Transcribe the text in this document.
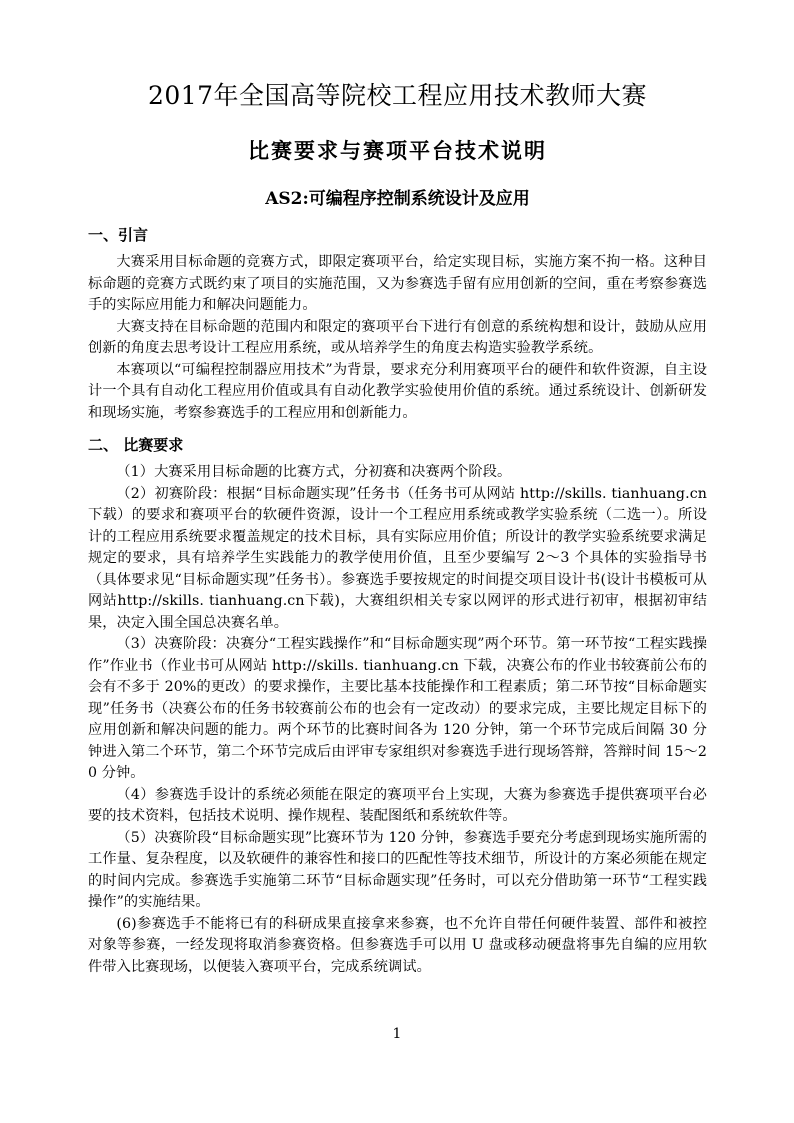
2017年全国高等院校工程应用技术教师大赛
比赛要求与赛项平台技术说明
AS2:可编程序控制系统设计及应用
一、引言

大赛采用目标命题的竞赛方式，即限定赛项平台，给定实现目标，实施方案不拘一格。这种目标命题的竞赛方式既约束了项目的实施范围，又为参赛选手留有应用创新的空间，重在考察参赛选手的实际应用能力和解决问题能力。

大赛支持在目标命题的范围内和限定的赛项平台下进行有创意的系统构想和设计，鼓励从应用创新的角度去思考设计工程应用系统，或从培养学生的角度去构造实验教学系统。

本赛项以“可编程控制器应用技术”为背景，要求充分利用赛项平台的硬件和软件资源，自主设计一个具有自动化工程应用价值或具有自动化教学实验使用价值的系统。通过系统设计、创新研发和现场实施，考察参赛选手的工程应用和创新能力。

二、 比赛要求

（1）大赛采用目标命题的比赛方式，分初赛和决赛两个阶段。

（2）初赛阶段：根据“目标命题实现”任务书（任务书可从网站 http://skills. tianhuang.cn 下载）的要求和赛项平台的软硬件资源，设计一个工程应用系统或教学实验系统（二选一）。所设计的工程应用系统要求覆盖规定的技术目标，具有实际应用价值；所设计的教学实验系统要求满足规定的要求，具有培养学生实践能力的教学使用价值，且至少要编写 2～3 个具体的实验指导书（具体要求见“目标命题实现”任务书）。参赛选手要按规定的时间提交项目设计书(设计书模板可从网站http://skills. tianhuang.cn下载)，大赛组织相关专家以网评的形式进行初审，根据初审结果，决定入围全国总决赛名单。

（3）决赛阶段：决赛分“工程实践操作”和“目标命题实现”两个环节。第一环节按“工程实践操作”作业书（作业书可从网站 http://skills. tianhuang.cn 下载，决赛公布的作业书较赛前公布的会有不多于 20%的更改）的要求操作，主要比基本技能操作和工程素质；第二环节按“目标命题实现”任务书（决赛公布的任务书较赛前公布的也会有一定改动）的要求完成，主要比规定目标下的应用创新和解决问题的能力。两个环节的比赛时间各为 120 分钟，第一个环节完成后间隔 30 分钟进入第二个环节，第二个环节完成后由评审专家组织对参赛选手进行现场答辩，答辩时间 15～20 分钟。

（4）参赛选手设计的系统必须能在限定的赛项平台上实现，大赛为参赛选手提供赛项平台必要的技术资料，包括技术说明、操作规程、装配图纸和系统软件等。

（5）决赛阶段“目标命题实现”比赛环节为 120 分钟，参赛选手要充分考虑到现场实施所需的工作量、复杂程度，以及软硬件的兼容性和接口的匹配性等技术细节，所设计的方案必须能在规定的时间内完成。参赛选手实施第二环节“目标命题实现”任务时，可以充分借助第一环节“工程实践操作”的实施结果。

(6)参赛选手不能将已有的科研成果直接拿来参赛，也不允许自带任何硬件装置、部件和被控对象等参赛，一经发现将取消参赛资格。但参赛选手可以用 U 盘或移动硬盘将事先自编的应用软件带入比赛现场，以便装入赛项平台，完成系统调试。

1
